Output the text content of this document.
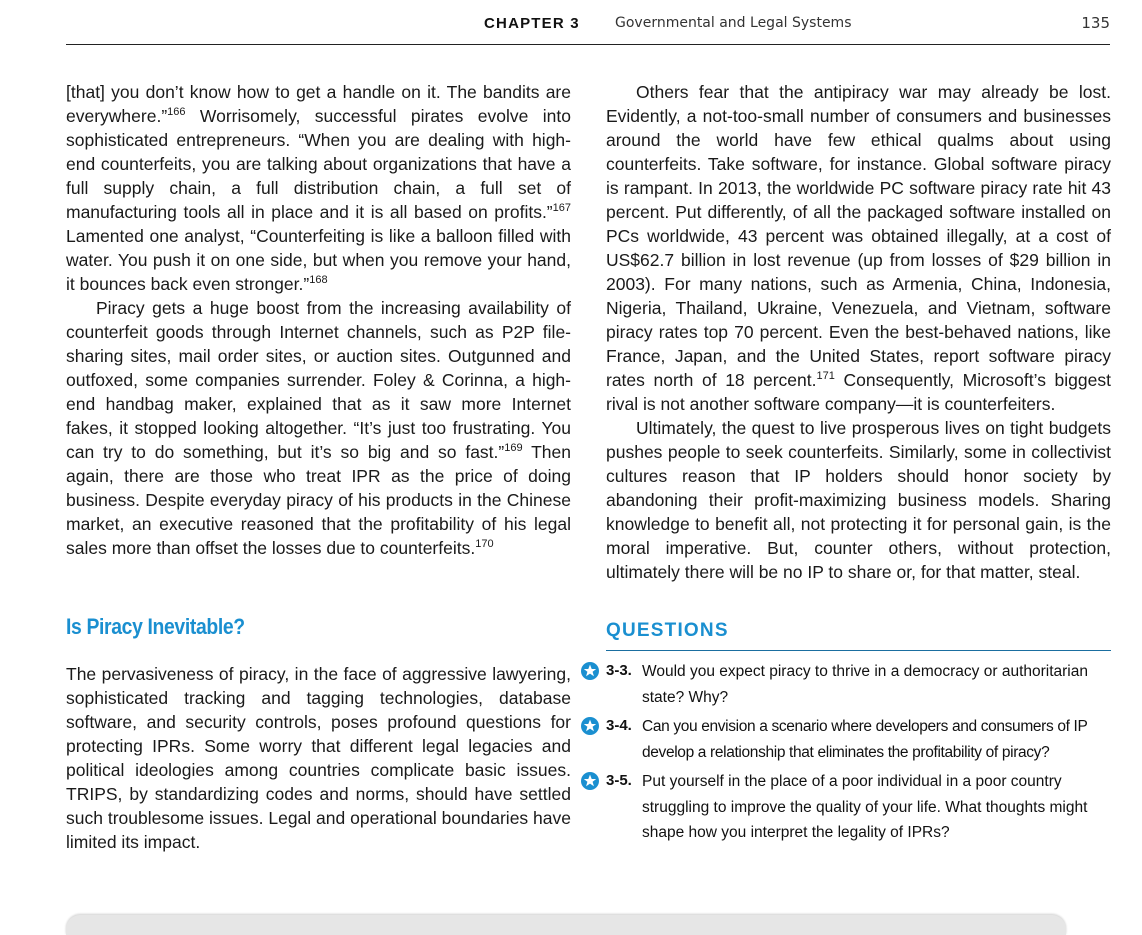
CHAPTER 3	Governmental and Legal Systems	135

[that] you don’t know how to get a handle on it. The bandits are everywhere.”$^{166}$ Worrisomely, successful pirates evolve into sophisticated entrepreneurs. “When you are dealing with high-end counterfeits, you are talking about organizations that have a full supply chain, a full distribution chain, a full set of manufacturing tools all in place and it is all based on profits.”$^{167}$ Lamented one analyst, “Counterfeiting is like a balloon filled with water. You push it on one side, but when you remove your hand, it bounces back even stronger.”$^{168}$

Piracy gets a huge boost from the increasing availability of counterfeit goods through Internet channels, such as P2P file-sharing sites, mail order sites, or auction sites. Outgunned and outfoxed, some companies surrender. Foley & Corinna, a high-end handbag maker, explained that as it saw more Internet fakes, it stopped looking altogether. “It’s just too frustrating. You can try to do something, but it’s so big and so fast.”$^{169}$ Then again, there are those who treat IPR as the price of doing business. Despite everyday piracy of his products in the Chinese market, an executive reasoned that the profitability of his legal sales more than offset the losses due to counterfeits.$^{170}$

Is Piracy Inevitable?

The pervasiveness of piracy, in the face of aggressive lawyering, sophisticated tracking and tagging technologies, database software, and security controls, poses profound questions for protecting IPRs. Some worry that different legal legacies and political ideologies among countries complicate basic issues. TRIPS, by standardizing codes and norms, should have settled such troublesome issues. Legal and operational boundaries have limited its impact.

Others fear that the antipiracy war may already be lost. Evidently, a not-too-small number of consumers and businesses around the world have few ethical qualms about using counterfeits. Take software, for instance. Global software piracy is rampant. In 2013, the worldwide PC software piracy rate hit 43 percent. Put differently, of all the packaged software installed on PCs worldwide, 43 percent was obtained illegally, at a cost of US$62.7 billion in lost revenue (up from losses of $29 billion in 2003). For many nations, such as Armenia, China, Indonesia, Nigeria, Thailand, Ukraine, Venezuela, and Vietnam, software piracy rates top 70 percent. Even the best-behaved nations, like France, Japan, and the United States, report software piracy rates north of 18 percent.$^{171}$ Consequently, Microsoft’s biggest rival is not another software company—it is counterfeiters.

Ultimately, the quest to live prosperous lives on tight budgets pushes people to seek counterfeits. Similarly, some in collectivist cultures reason that IP holders should honor society by abandoning their profit-maximizing business models. Sharing knowledge to benefit all, not protecting it for personal gain, is the moral imperative. But, counter others, without protection, ultimately there will be no IP to share or, for that matter, steal.

QUESTIONS
3-3. Would you expect piracy to thrive in a democracy or authoritarian state? Why?
3-4. Can you envision a scenario where developers and consumers of IP develop a relationship that eliminates the profitability of piracy?
3-5. Put yourself in the place of a poor individual in a poor country struggling to improve the quality of your life. What thoughts might shape how you interpret the legality of IPRs?
